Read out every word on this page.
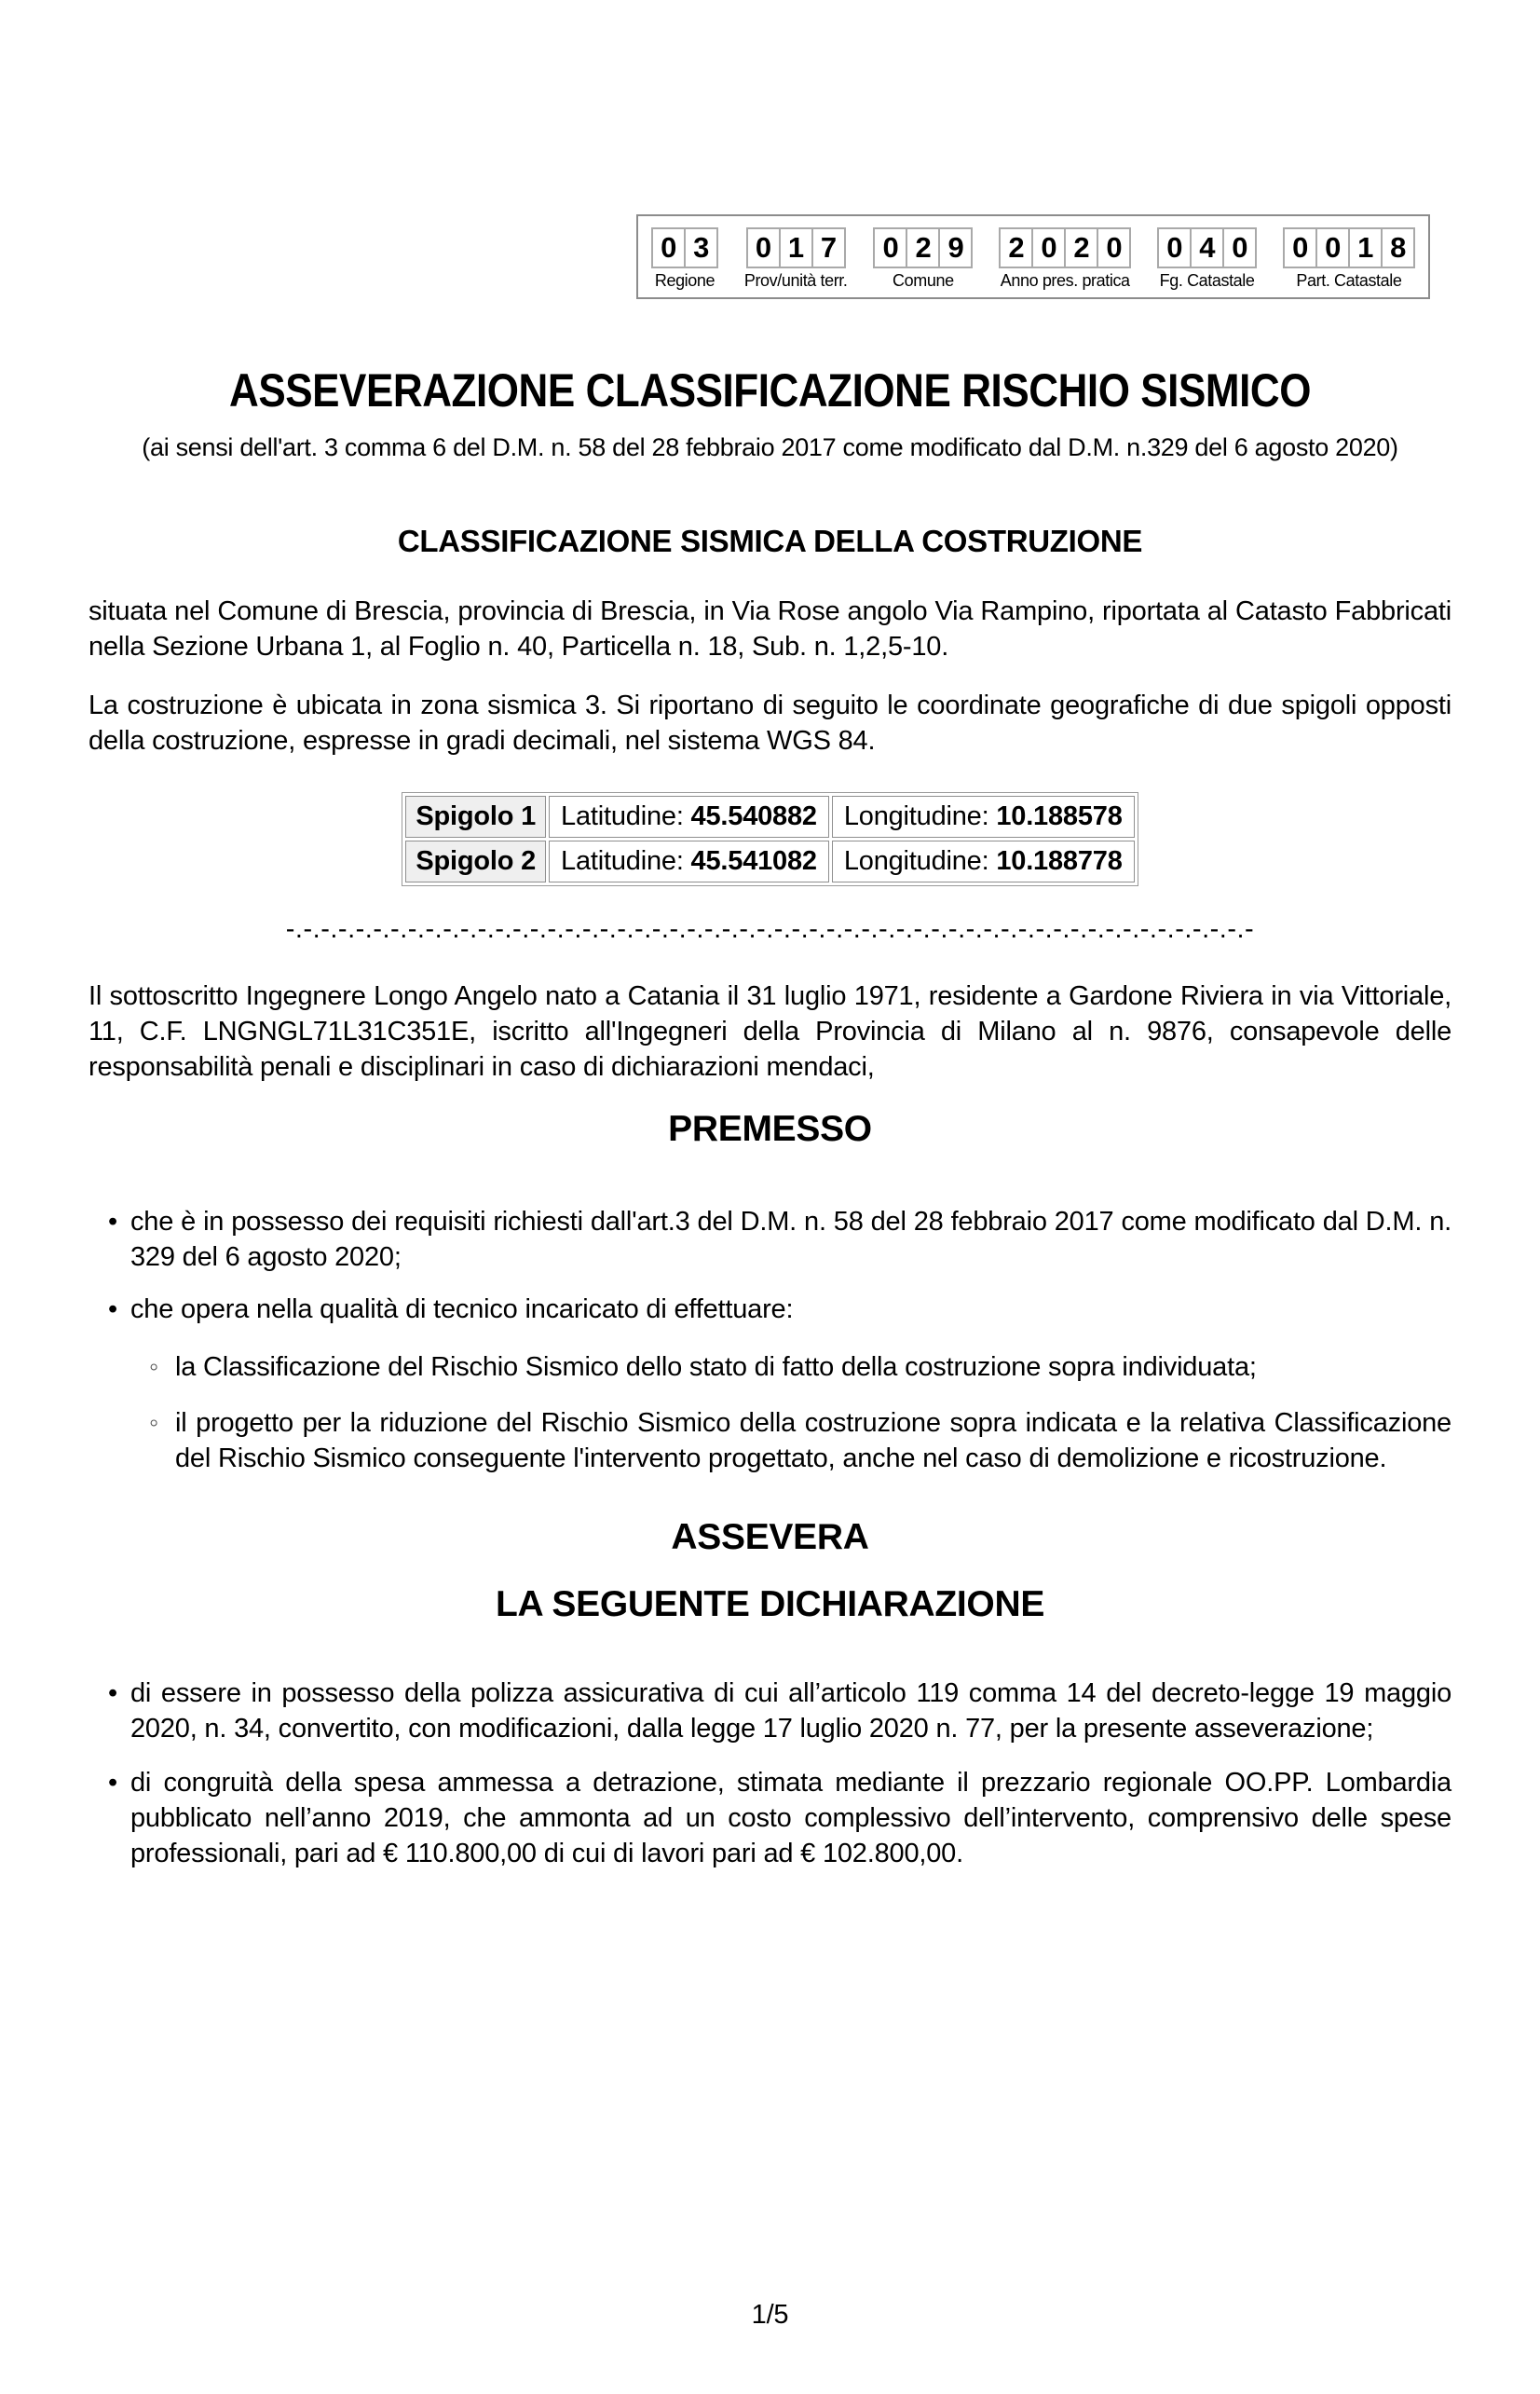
0 3
Regione
0 1 7
Prov/unità terr.
0 2 9
Comune
2 0 2 0
Anno pres. pratica
0 4 0
Fg. Catastale
0 0 1 8
Part. Catastale
ASSEVERAZIONE CLASSIFICAZIONE RISCHIO SISMICO
(ai sensi dell'art. 3 comma 6 del D.M. n. 58 del 28 febbraio 2017 come modificato dal D.M. n.329 del 6 agosto 2020)
CLASSIFICAZIONE SISMICA DELLA COSTRUZIONE

situata nel Comune di Brescia, provincia di Brescia, in Via Rose angolo Via Rampino, riportata al Catasto Fabbricati nella Sezione Urbana 1, al Foglio n. 40, Particella n. 18, Sub. n. 1,2,5-10.

La costruzione è ubicata in zona sismica 3. Si riportano di seguito le coordinate geografiche di due spigoli opposti della costruzione, espresse in gradi decimali, nel sistema WGS 84.

Spigolo 1	Latitudine: 45.540882	Longitudine: 10.188578
Spigolo 2	Latitudine: 45.541082	Longitudine: 10.188778
-.-.-.-.-.-.-.-.-.-.-.-.-.-.-.-.-.-.-.-.-.-.-.-.-.-.-.-.-.-.-.-.-.-.-.-.-.-.-.-.-.-.-.-.-.-.-.-.-.-.-.-.-.-.-.-

Il sottoscritto Ingegnere Longo Angelo nato a Catania il 31 luglio 1971, residente a Gardone Riviera in via Vittoriale, 11, C.F. LNGNGL71L31C351E, iscritto all'Ingegneri della Provincia di Milano al n. 9876, consapevole delle responsabilità penali e disciplinari in caso di dichiarazioni mendaci,

PREMESSO
• che è in possesso dei requisiti richiesti dall'art.3 del D.M. n. 58 del 28 febbraio 2017 come modificato dal D.M. n. 329 del 6 agosto 2020;
• che opera nella qualità di tecnico incaricato di effettuare:
◦ la Classificazione del Rischio Sismico dello stato di fatto della costruzione sopra individuata;
◦ il progetto per la riduzione del Rischio Sismico della costruzione sopra indicata e la relativa Classificazione del Rischio Sismico conseguente l'intervento progettato, anche nel caso di demolizione e ricostruzione.
ASSEVERA
LA SEGUENTE DICHIARAZIONE
• di essere in possesso della polizza assicurativa di cui all’articolo 119 comma 14 del decreto-legge 19 maggio 2020, n. 34, convertito, con modificazioni, dalla legge 17 luglio 2020 n. 77, per la presente asseverazione;
• di congruità della spesa ammessa a detrazione, stimata mediante il prezzario regionale OO.PP. Lombardia pubblicato nell’anno 2019, che ammonta ad un costo complessivo dell’intervento, comprensivo delle spese professionali, pari ad € 110.800,00 di cui di lavori pari ad € 102.800,00.
1/5
